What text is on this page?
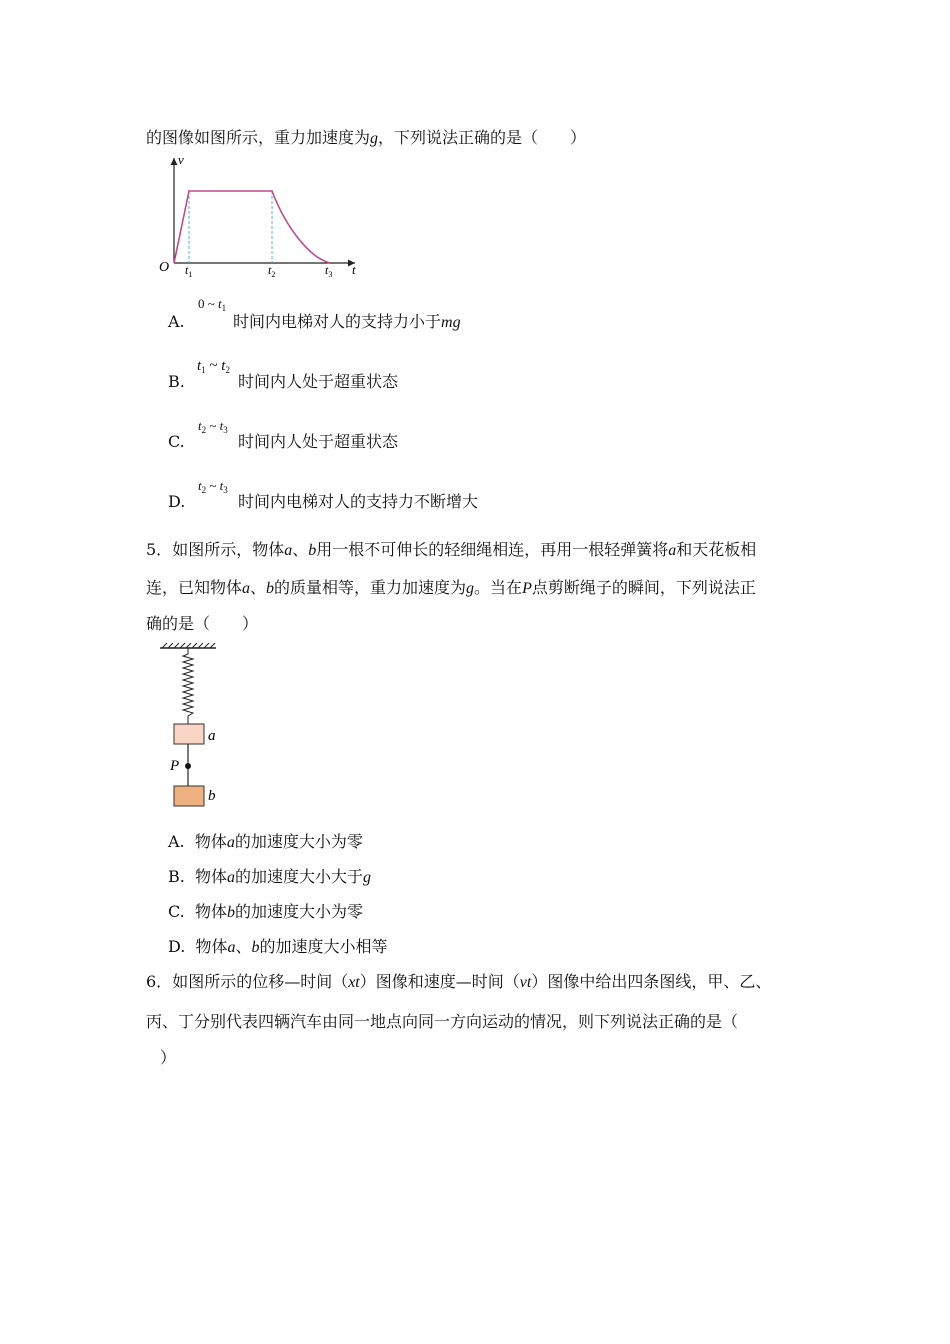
的图像如图所示，重力加速度为g，下列说法正确的是（　　）
v
t
O $t_1$	$t_2$	$t_3$
A.
0 ~ $t_1$
时间内电梯对人的支持力小于mg
B.
$t_1$ ~ $t_2$
时间内人处于超重状态
C.
$t_2$ ~ $t_3$
时间内人处于超重状态
D.
$t_2$ ~ $t_3$
时间内电梯对人的支持力不断增大
5．如图所示，物体a、b用一根不可伸长的轻细绳相连，再用一根轻弹簧将a和天花板相
连，已知物体a、b的质量相等，重力加速度为g。当在P点剪断绳子的瞬间，下列说法正
确的是（　　）
a
P
b
A. 物体a的加速度大小为零
B. 物体a的加速度大小大于g
C. 物体b的加速度大小为零
D. 物体a、b的加速度大小相等
6．如图所示的位移—时间（xt）图像和速度—时间（vt）图像中给出四条图线，甲、乙、
丙、丁分别代表四辆汽车由同一地点向同一方向运动的情况，则下列说法正确的是（
）
